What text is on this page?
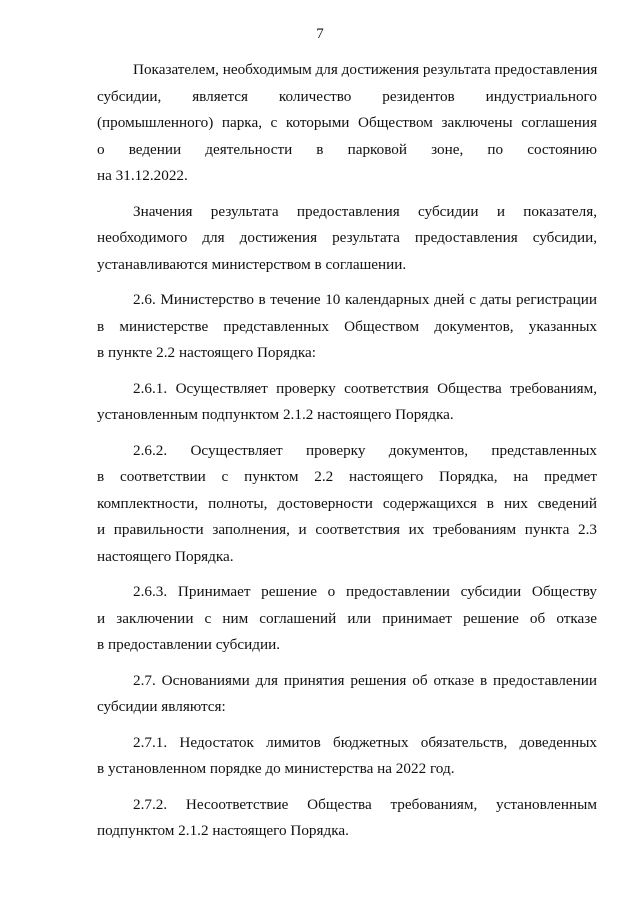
7

Показателем, необходимым для достижения результата предоставления
субсидии, является количество резидентов индустриального
(промышленного) парка, с которыми Обществом заключены соглашения
о ведении деятельности в парковой зоне, по состоянию
на 31.12.2022.

Значения результата предоставления субсидии и показателя,
необходимого для достижения результата предоставления субсидии,
устанавливаются министерством в соглашении.

2.6. Министерство в течение 10 календарных дней с даты регистрации
в министерстве представленных Обществом документов, указанных
в пункте 2.2 настоящего Порядка:

2.6.1. Осуществляет проверку соответствия Общества требованиям,
установленным подпунктом 2.1.2 настоящего Порядка.

2.6.2. Осуществляет проверку документов, представленных
в соответствии с пунктом 2.2 настоящего Порядка, на предмет
комплектности, полноты, достоверности содержащихся в них сведений
и правильности заполнения, и соответствия их требованиям пункта 2.3
настоящего Порядка.

2.6.3. Принимает решение о предоставлении субсидии Обществу
и заключении с ним соглашений или принимает решение об отказе
в предоставлении субсидии.

2.7. Основаниями для принятия решения об отказе в предоставлении
субсидии являются:

2.7.1. Недостаток лимитов бюджетных обязательств, доведенных
в установленном порядке до министерства на 2022 год.

2.7.2. Несоответствие Общества требованиям, установленным
подпунктом 2.1.2 настоящего Порядка.
